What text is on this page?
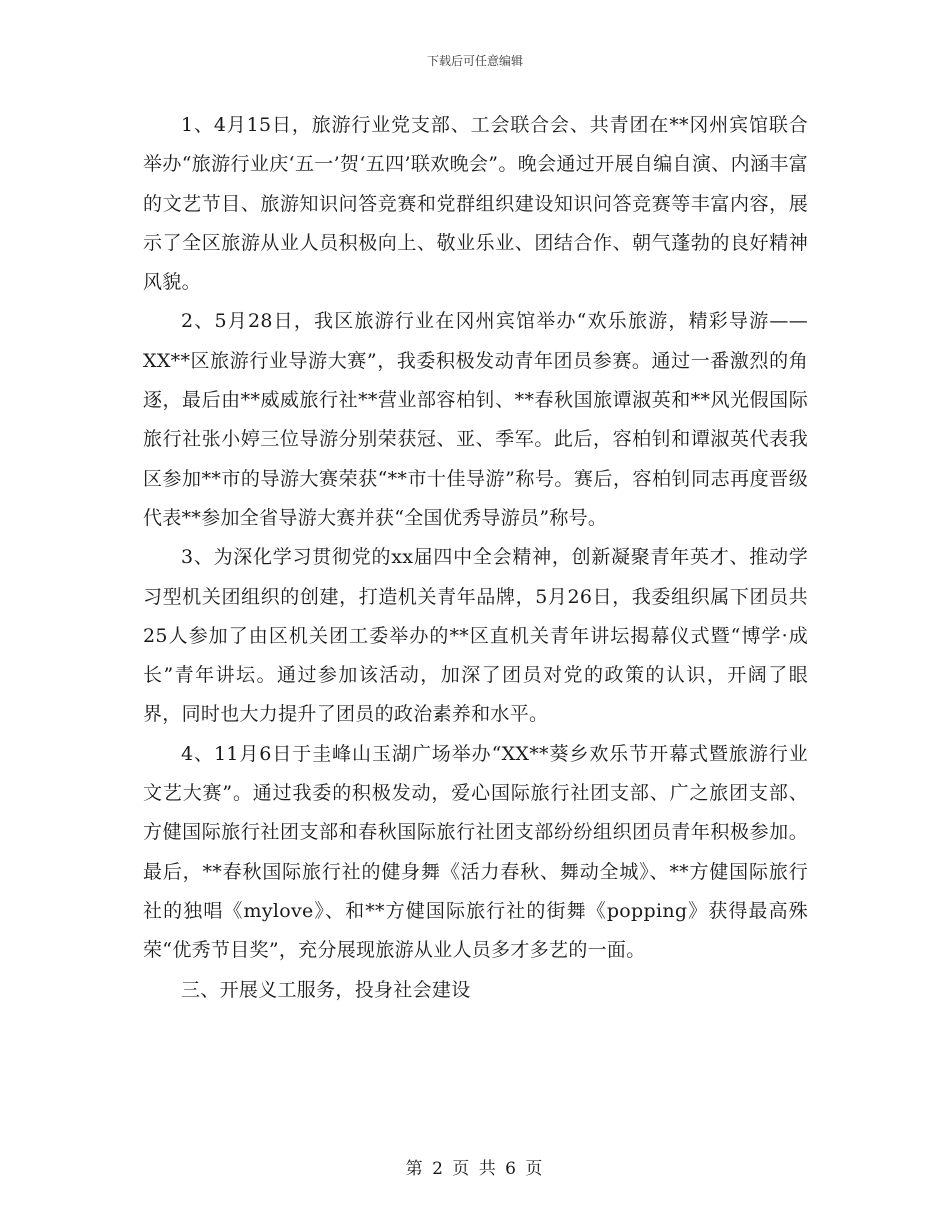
下载后可任意编辑

1、4月15日，旅游行业党支部、工会联合会、共青团在**冈州宾馆联合举办“旅游行业庆‘五一’贺‘五四’联欢晚会”。晚会通过开展自编自演、内涵丰富的文艺节目、旅游知识问答竞赛和党群组织建设知识问答竞赛等丰富内容，展示了全区旅游从业人员积极向上、敬业乐业、团结合作、朝气蓬勃的良好精神风貌。

2、5月28日，我区旅游行业在冈州宾馆举办“欢乐旅游，精彩导游——XX**区旅游行业导游大赛”，我委积极发动青年团员参赛。通过一番激烈的角逐，最后由**威威旅行社**营业部容柏钊、**春秋国旅谭淑英和**风光假国际旅行社张小婷三位导游分别荣获冠、亚、季军。此后，容柏钊和谭淑英代表我区参加**市的导游大赛荣获“**市十佳导游”称号。赛后，容柏钊同志再度晋级代表**参加全省导游大赛并获“全国优秀导游员”称号。

3、为深化学习贯彻党的xx届四中全会精神，创新凝聚青年英才、推动学习型机关团组织的创建，打造机关青年品牌，5月26日，我委组织属下团员共25人参加了由区机关团工委举办的**区直机关青年讲坛揭幕仪式暨“博学·成长”青年讲坛。通过参加该活动，加深了团员对党的政策的认识，开阔了眼界，同时也大力提升了团员的政治素养和水平。

4、11月6日于圭峰山玉湖广场举办“XX**葵乡欢乐节开幕式暨旅游行业文艺大赛”。通过我委的积极发动，爱心国际旅行社团支部、广之旅团支部、方健国际旅行社团支部和春秋国际旅行社团支部纷纷组织团员青年积极参加。最后，**春秋国际旅行社的健身舞《活力春秋、舞动全城》、**方健国际旅行社的独唱《mylove》、和**方健国际旅行社的街舞《popping》获得最高殊荣“优秀节目奖”，充分展现旅游从业人员多才多艺的一面。

三、开展义工服务，投身社会建设

第 2 页 共 6 页
